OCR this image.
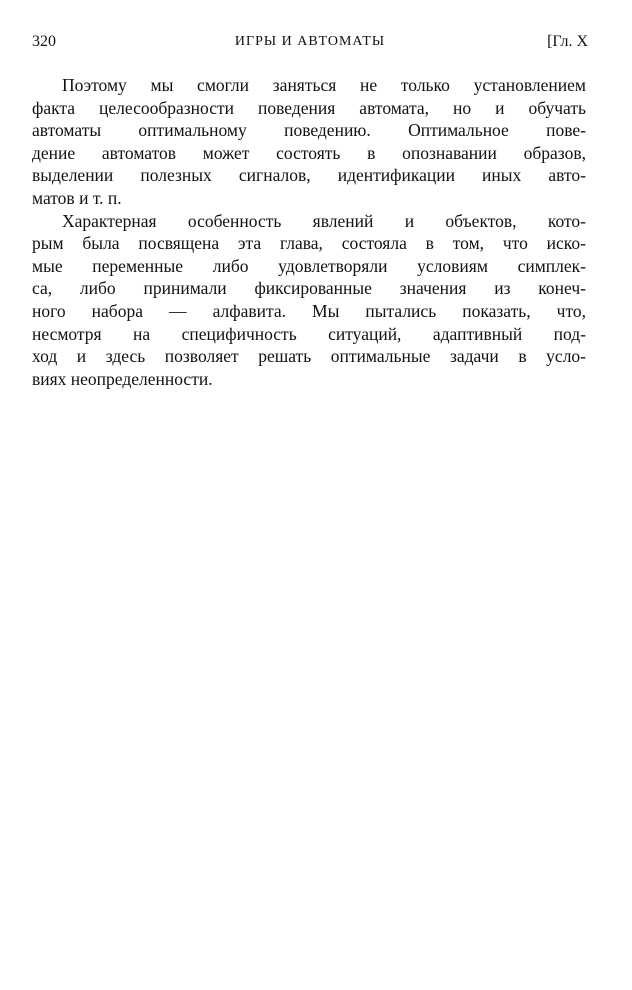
320	ИГРЫ И АВТОМАТЫ	[Гл. X
Поэтому мы смогли заняться не только установлением
факта целесообразности поведения автомата, но и обучать
автоматы оптимальному поведению. Оптимальное пове-
дение автоматов может состоять в опознавании образов,
выделении полезных сигналов, идентификации иных авто-
матов и т. п.
Характерная особенность явлений и объектов, кото-
рым была посвящена эта глава, состояла в том, что иско-
мые переменные либо удовлетворяли условиям симплек-
са, либо принимали фиксированные значения из конеч-
ного набора — алфавита. Мы пытались показать, что,
несмотря на специфичность ситуаций, адаптивный под-
ход и здесь позволяет решать оптимальные задачи в усло-
виях неопределенности.
